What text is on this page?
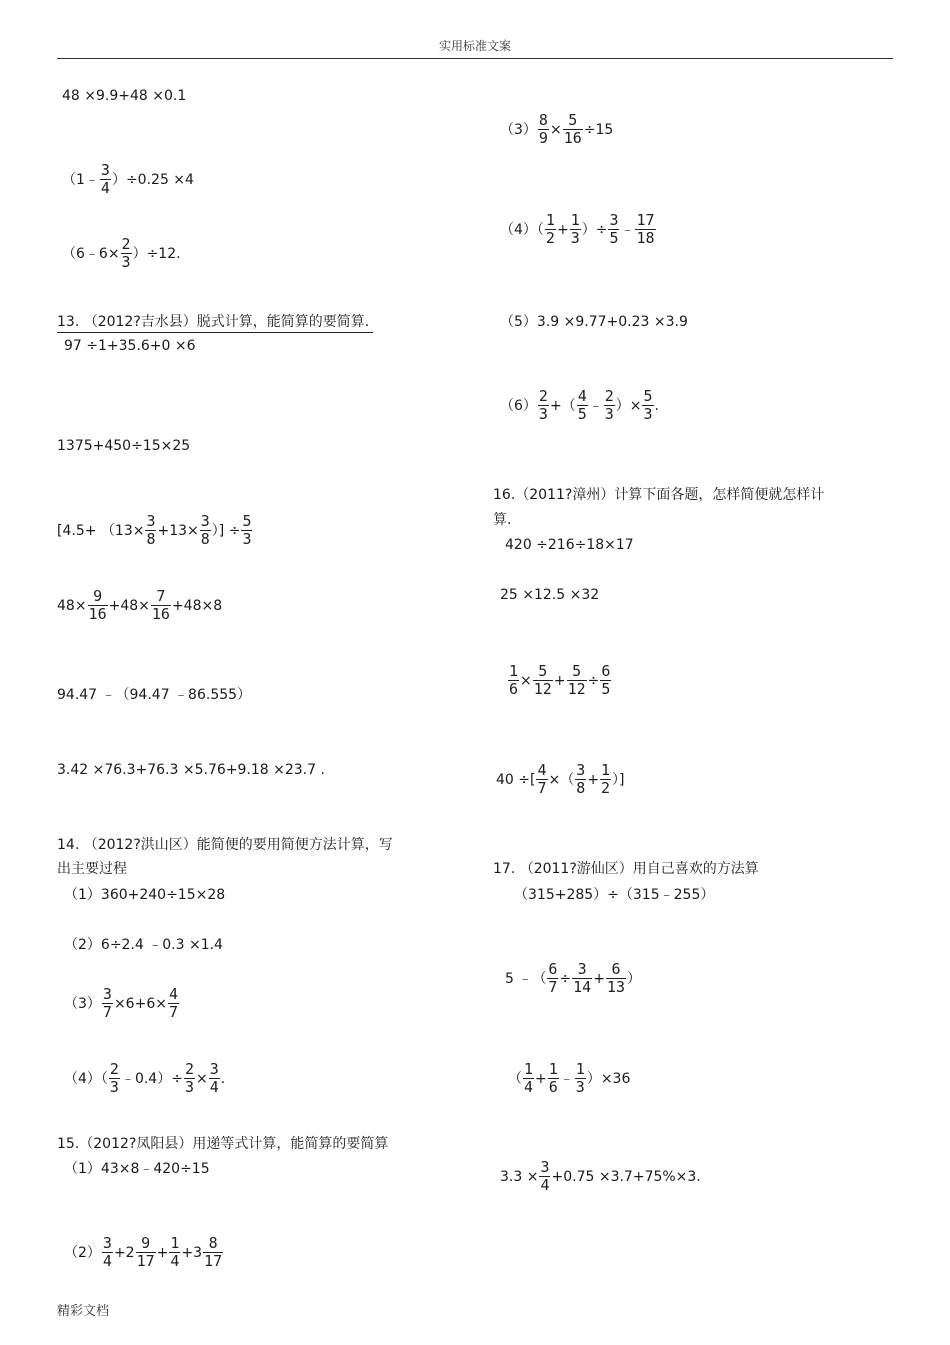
实用标准文案
48 ×9.9+48 ×0.1
（1﹣ $\frac{3}{4} )\div 0.25 \times 4$
（6﹣6× $\frac{2}{3} )\div 12$.
13. （2012?吉水县）脱式计算，能简算的要简算.
97 ÷1+35.6+0 ×6
1375+450÷15×25
[$4.5+ (13\times \frac{3}{8} +13\times \frac{3}{8}$ ）] ÷ $\frac{5}{3}$
$48\times \frac{9}{16} +48\times \frac{7}{16} +48\times 8$
94.47 ﹣（94.47 ﹣86.555）
3.42 ×76.3+76.3 ×5.76+9.18 ×23.7 .
14. （2012?洪山区）能简便的要用简便方法计算，写
出主要过程
（1）360+240÷15×28
（2）6÷2.4 ﹣0.3 ×1.4
$(3) \frac{3}{7} \times 6+6\times \frac{4}{7}$
$(4)( \frac{2}{3}$ ﹣0.4）÷ $\frac{2}{3} \times \frac{3}{4}$ .
15.（2012?凤阳县）用递等式计算，能简算的要简算
（1）43×8﹣420÷15
$(2) \frac{3}{4} +2 \frac{9}{17} + \frac{1}{4} +3 \frac{8}{17}$
$(3) \frac{8}{9} \times \frac{5}{16} \div 15$
$(4)( \frac{1}{2} + \frac{1}{3}$ ）÷ $\frac{3}{5}$ ﹣ $\frac{17}{18}$
（5）3.9 ×9.77+0.23 ×3.9
$(6) \frac{2}{3}$ +（ $\frac{4}{5}$ ﹣ $\frac{2}{3}$ ）× $\frac{5}{3}$ .
16.（2011?漳州）计算下面各题，怎样简便就怎样计
算.
420 ÷216÷18×17
25 ×12.5 ×32
$\frac{1}{6} \times \frac{5}{12} + \frac{5}{12} \div \frac{6}{5}$
40 ÷[ $\frac{4}{7}$ ×（ $\frac{3}{8} + \frac{1}{2}$ ）]
17. （2011?游仙区）用自己喜欢的方法算
（315+285）÷（315﹣255）
5 ﹣（ $\frac{6}{7} \div \frac{3}{14} + \frac{6}{13}$ ）
（ $\frac{1}{4} + \frac{1}{6}$ ﹣ $\frac{1}{3} )\times 36$
$3.3 \times \frac{3}{4} +0.75 \times 3.7+75\%\times 3$.
精彩文档
